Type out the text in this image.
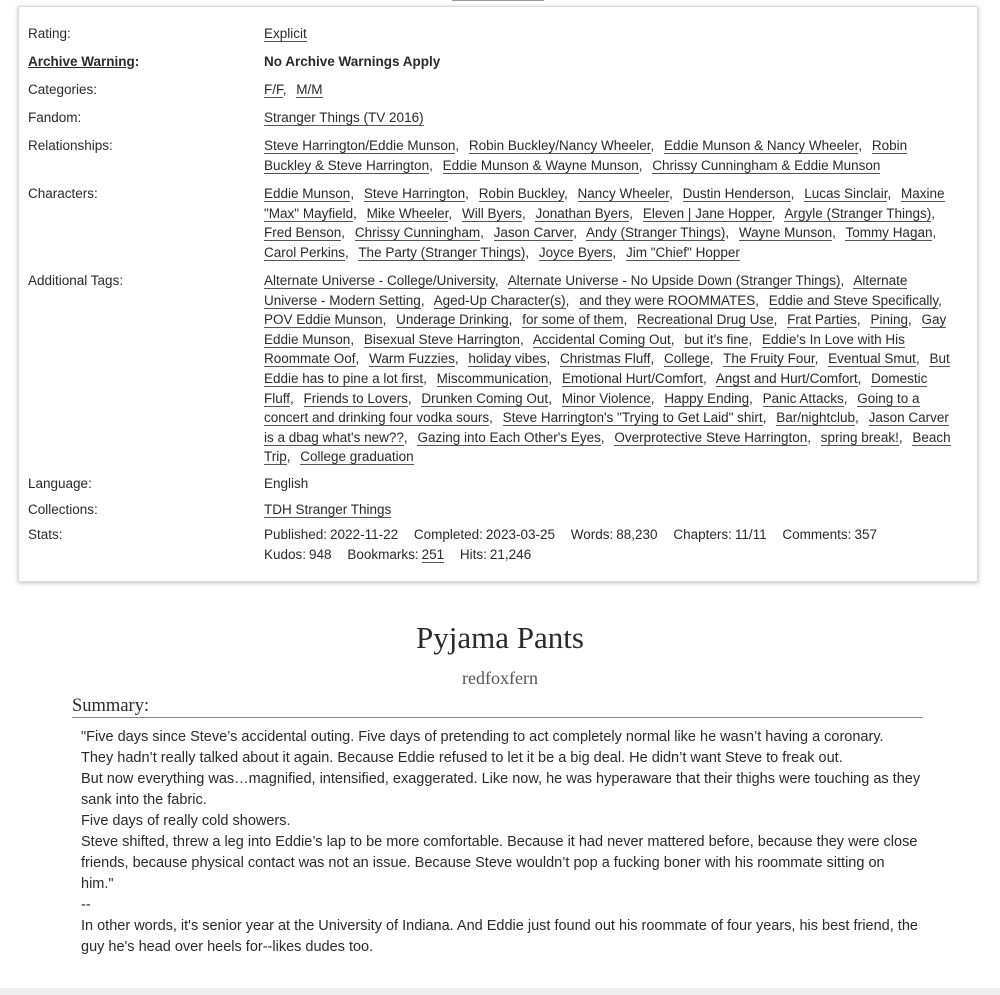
Rating:	Explicit
Archive Warning:	No Archive Warnings Apply
Categories:	F/F, M/M
Fandom:	Stranger Things (TV 2016)
Relationships:	Steve Harrington/Eddie Munson, Robin Buckley/Nancy Wheeler, Eddie Munson & Nancy Wheeler, Robin Buckley & Steve Harrington, Eddie Munson & Wayne Munson, Chrissy Cunningham & Eddie Munson
Characters:	Eddie Munson, Steve Harrington, Robin Buckley, Nancy Wheeler, Dustin Henderson, Lucas Sinclair, Maxine "Max" Mayfield, Mike Wheeler, Will Byers, Jonathan Byers, Eleven | Jane Hopper, Argyle (Stranger Things), Fred Benson, Chrissy Cunningham, Jason Carver, Andy (Stranger Things), Wayne Munson, Tommy Hagan, Carol Perkins, The Party (Stranger Things), Joyce Byers, Jim "Chief" Hopper
Additional Tags:	Alternate Universe - College/University, Alternate Universe - No Upside Down (Stranger Things), Alternate Universe - Modern Setting, Aged-Up Character(s), and they were ROOMMATES, Eddie and Steve Specifically, POV Eddie Munson, Underage Drinking, for some of them, Recreational Drug Use, Frat Parties, Pining, Gay Eddie Munson, Bisexual Steve Harrington, Accidental Coming Out, but it's fine, Eddie's In Love with His Roommate Oof, Warm Fuzzies, holiday vibes, Christmas Fluff, College, The Fruity Four, Eventual Smut, But Eddie has to pine a lot first, Miscommunication, Emotional Hurt/Comfort, Angst and Hurt/Comfort, Domestic Fluff, Friends to Lovers, Drunken Coming Out, Minor Violence, Happy Ending, Panic Attacks, Going to a concert and drinking four vodka sours, Steve Harrington's "Trying to Get Laid" shirt, Bar/nightclub, Jason Carver is a dbag what's new??, Gazing into Each Other's Eyes, Overprotective Steve Harrington, spring break!, Beach Trip, College graduation
Language:	English
Collections:	TDH Stranger Things
Stats:	Published: 2022-11-22 Completed: 2023-03-25 Words: 88,230 Chapters: 11/11 Comments: 357 Kudos: 948 Bookmarks: 251 Hits: 21,246
Pyjama Pants
redfoxfern
Summary:

"Five days since Steve’s accidental outing. Five days of pretending to act completely normal like he wasn’t having a coronary.

They hadn’t really talked about it again. Because Eddie refused to let it be a big deal. He didn’t want Steve to freak out.

But now everything was…magnified, intensified, exaggerated. Like now, he was hyperaware that their thighs were touching as they sank into the fabric.

Five days of really cold showers.

Steve shifted, threw a leg into Eddie’s lap to be more comfortable. Because it had never mattered before, because they were close friends, because physical contact was not an issue. Because Steve wouldn’t pop a fucking boner with his roommate sitting on him."

--

In other words, it's senior year at the University of Indiana. And Eddie just found out his roommate of four years, his best friend, the guy he's head over heels for--likes dudes too.
